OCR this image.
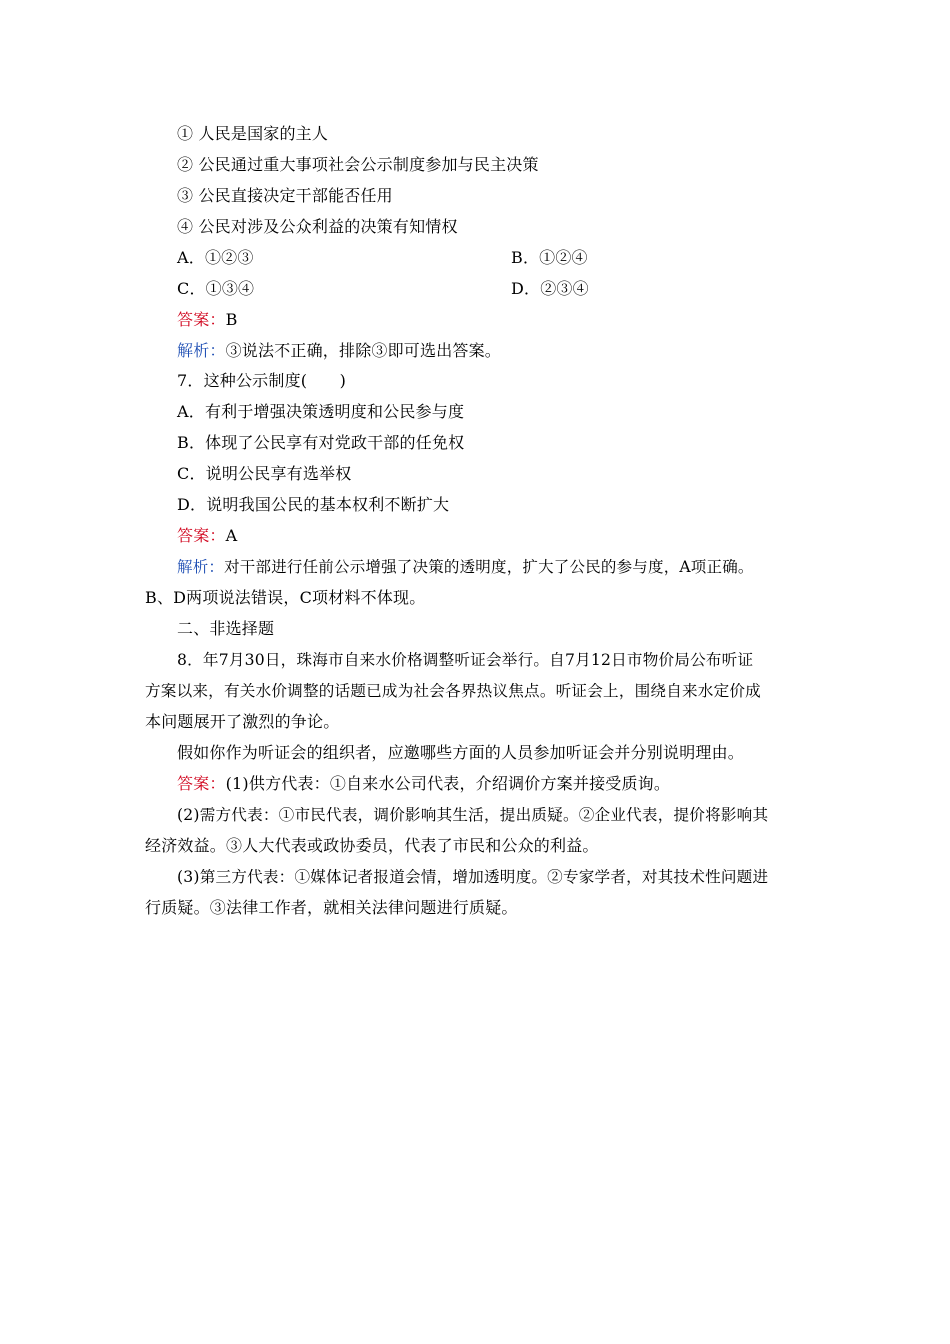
① 人民是国家的主人
② 公民通过重大事项社会公示制度参加与民主决策
③ 公民直接决定干部能否任用
④ 公民对涉及公众利益的决策有知情权
A．①②③	B．①②④
C．①③④	D．②③④
答案：B
解析：③说法不正确，排除③即可选出答案。
7．这种公示制度(　　)
A．有利于增强决策透明度和公民参与度
B．体现了公民享有对党政干部的任免权
C．说明公民享有选举权
D．说明我国公民的基本权利不断扩大
答案：A
解析：对干部进行任前公示增强了决策的透明度，扩大了公民的参与度，A项正确。
B、D两项说法错误，C项材料不体现。
二、非选择题
8．年7月30日，珠海市自来水价格调整听证会举行。自7月12日市物价局公布听证
方案以来，有关水价调整的话题已成为社会各界热议焦点。听证会上，围绕自来水定价成
本问题展开了激烈的争论。
假如你作为听证会的组织者，应邀哪些方面的人员参加听证会并分别说明理由。
答案：(1)供方代表：①自来水公司代表，介绍调价方案并接受质询。
(2)需方代表：①市民代表，调价影响其生活，提出质疑。②企业代表，提价将影响其
经济效益。③人大代表或政协委员，代表了市民和公众的利益。
(3)第三方代表：①媒体记者报道会情，增加透明度。②专家学者，对其技术性问题进
行质疑。③法律工作者，就相关法律问题进行质疑。
